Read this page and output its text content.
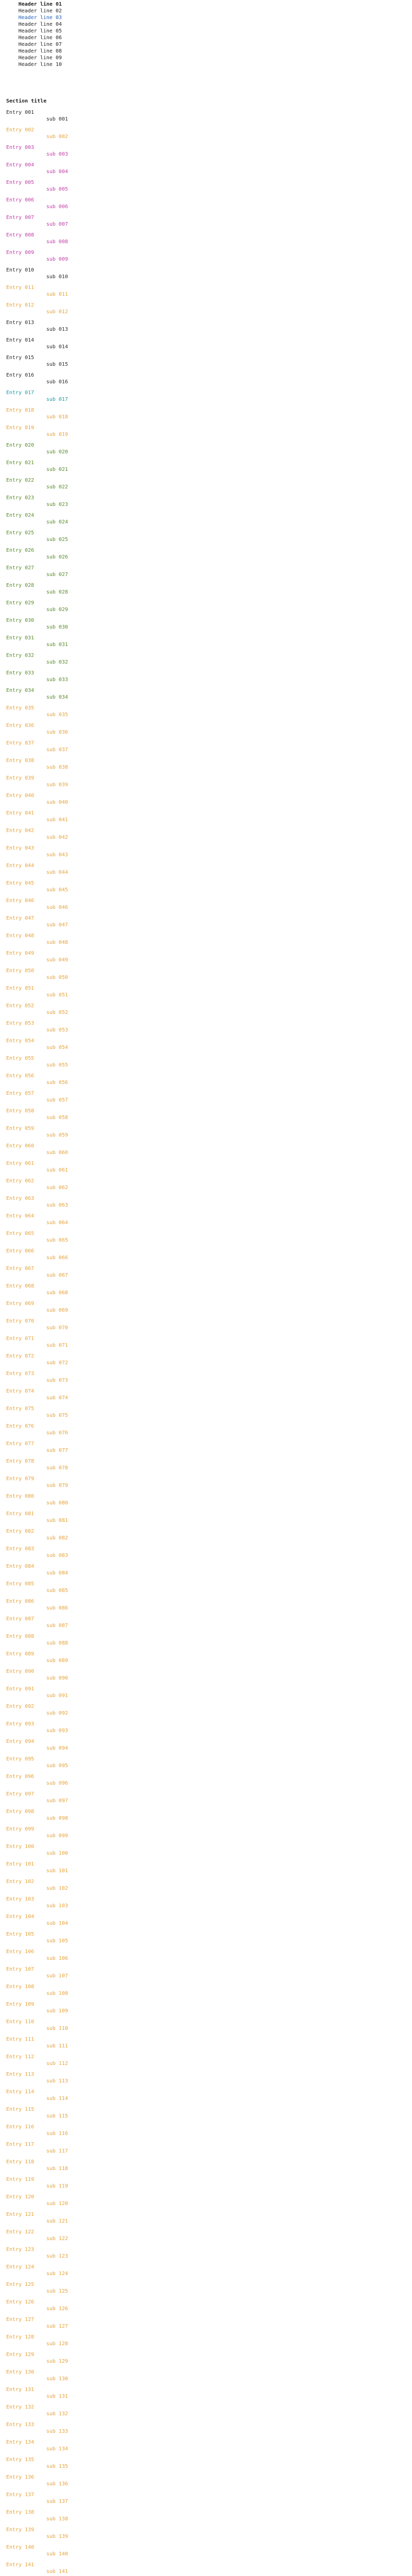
Header line 01
Header line 02
Header line 03
Header line 04
Header line 05
Header line 06
Header line 07
Header line 08
Header line 09
Header line 10
Section title
Entry 001
sub 001
Entry 002
sub 002
Entry 003
sub 003
Entry 004
sub 004
Entry 005
sub 005
Entry 006
sub 006
Entry 007
sub 007
Entry 008
sub 008
Entry 009
sub 009
Entry 010
sub 010
Entry 011
sub 011
Entry 012
sub 012
Entry 013
sub 013
Entry 014
sub 014
Entry 015
sub 015
Entry 016
sub 016
Entry 017
sub 017
Entry 018
sub 018
Entry 019
sub 019
Entry 020
sub 020
Entry 021
sub 021
Entry 022
sub 022
Entry 023
sub 023
Entry 024
sub 024
Entry 025
sub 025
Entry 026
sub 026
Entry 027
sub 027
Entry 028
sub 028
Entry 029
sub 029
Entry 030
sub 030
Entry 031
sub 031
Entry 032
sub 032
Entry 033
sub 033
Entry 034
sub 034
Entry 035
sub 035
Entry 036
sub 036
Entry 037
sub 037
Entry 038
sub 038
Entry 039
sub 039
Entry 040
sub 040
Entry 041
sub 041
Entry 042
sub 042
Entry 043
sub 043
Entry 044
sub 044
Entry 045
sub 045
Entry 046
sub 046
Entry 047
sub 047
Entry 048
sub 048
Entry 049
sub 049
Entry 050
sub 050
Entry 051
sub 051
Entry 052
sub 052
Entry 053
sub 053
Entry 054
sub 054
Entry 055
sub 055
Entry 056
sub 056
Entry 057
sub 057
Entry 058
sub 058
Entry 059
sub 059
Entry 060
sub 060
Entry 061
sub 061
Entry 062
sub 062
Entry 063
sub 063
Entry 064
sub 064
Entry 065
sub 065
Entry 066
sub 066
Entry 067
sub 067
Entry 068
sub 068
Entry 069
sub 069
Entry 070
sub 070
Entry 071
sub 071
Entry 072
sub 072
Entry 073
sub 073
Entry 074
sub 074
Entry 075
sub 075
Entry 076
sub 076
Entry 077
sub 077
Entry 078
sub 078
Entry 079
sub 079
Entry 080
sub 080
Entry 081
sub 081
Entry 082
sub 082
Entry 083
sub 083
Entry 084
sub 084
Entry 085
sub 085
Entry 086
sub 086
Entry 087
sub 087
Entry 088
sub 088
Entry 089
sub 089
Entry 090
sub 090
Entry 091
sub 091
Entry 092
sub 092
Entry 093
sub 093
Entry 094
sub 094
Entry 095
sub 095
Entry 096
sub 096
Entry 097
sub 097
Entry 098
sub 098
Entry 099
sub 099
Entry 100
sub 100
Entry 101
sub 101
Entry 102
sub 102
Entry 103
sub 103
Entry 104
sub 104
Entry 105
sub 105
Entry 106
sub 106
Entry 107
sub 107
Entry 108
sub 108
Entry 109
sub 109
Entry 110
sub 110
Entry 111
sub 111
Entry 112
sub 112
Entry 113
sub 113
Entry 114
sub 114
Entry 115
sub 115
Entry 116
sub 116
Entry 117
sub 117
Entry 118
sub 118
Entry 119
sub 119
Entry 120
sub 120
Entry 121
sub 121
Entry 122
sub 122
Entry 123
sub 123
Entry 124
sub 124
Entry 125
sub 125
Entry 126
sub 126
Entry 127
sub 127
Entry 128
sub 128
Entry 129
sub 129
Entry 130
sub 130
Entry 131
sub 131
Entry 132
sub 132
Entry 133
sub 133
Entry 134
sub 134
Entry 135
sub 135
Entry 136
sub 136
Entry 137
sub 137
Entry 138
sub 138
Entry 139
sub 139
Entry 140
sub 140
Entry 141
sub 141
